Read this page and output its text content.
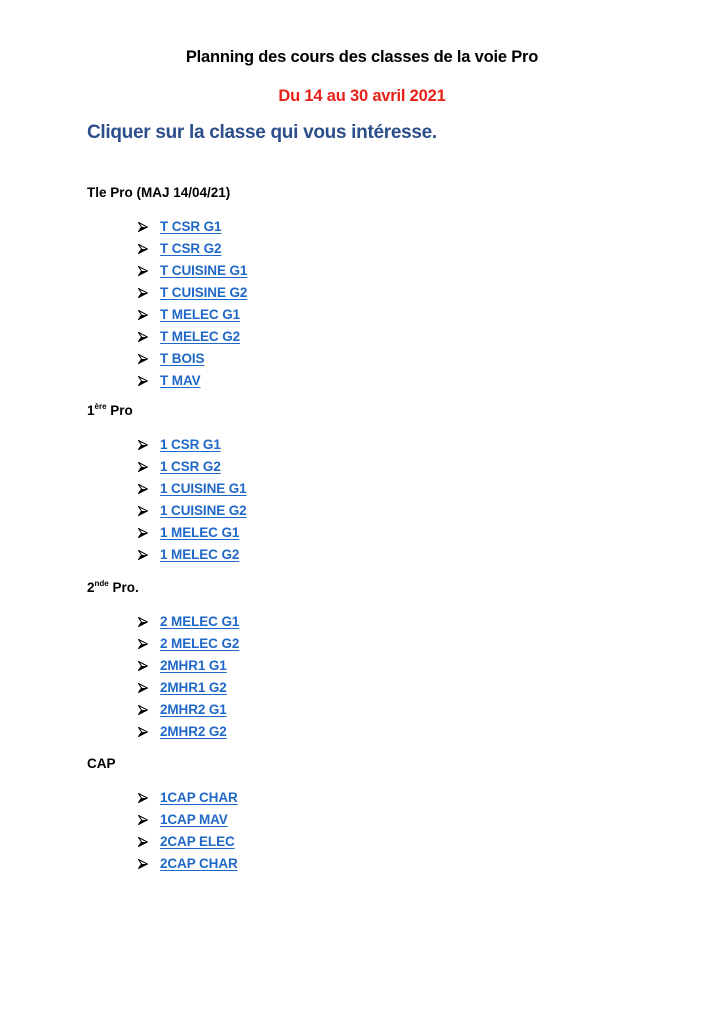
Planning des cours des classes de la voie Pro
Du 14 au 30 avril 2021
Cliquer sur la classe qui vous intéresse.
Tle Pro (MAJ 14/04/21)
T CSR G1
T CSR G2
T CUISINE G1
T CUISINE G2
T MELEC G1
T MELEC G2
T BOIS
T MAV
1ère Pro
1 CSR G1
1 CSR G2
1 CUISINE G1
1 CUISINE G2
1 MELEC G1
1 MELEC G2
2nde Pro.
2 MELEC G1
2 MELEC G2
2MHR1 G1
2MHR1 G2
2MHR2 G1
2MHR2 G2
CAP
1CAP CHAR
1CAP MAV
2CAP ELEC
2CAP CHAR
